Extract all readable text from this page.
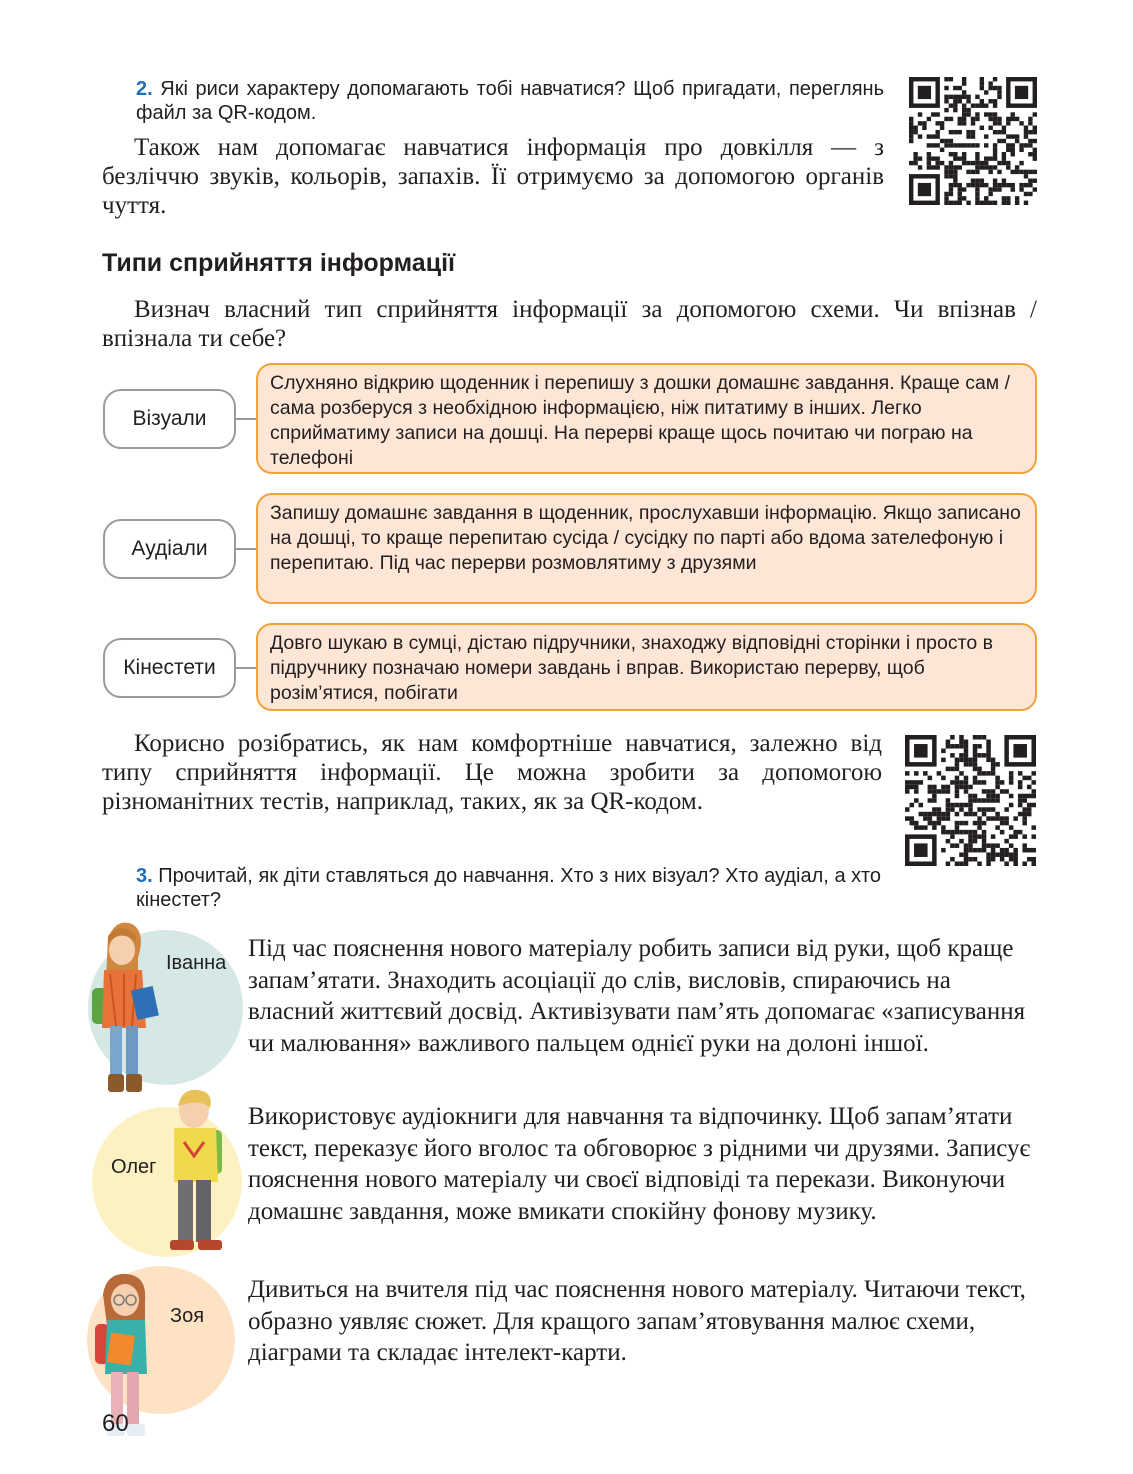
2. Які риси характеру допомагають тобі навчатися? Щоб пригадати, переглянь файл за QR-кодом.
Також нам допомагає навчатися інформація про довкілля — з безліччю звуків, кольорів, запахів. Її отримуємо за допомогою органів чуття.
Типи сприйняття інформації
Визнач власний тип сприйняття інформації за допомогою схеми. Чи впізнав / впізнала ти себе?
Візуали
Слухняно відкрию щоденник і перепишу з дошки домашнє завдання. Краще сам / сама розберуся з необхідною інформацією, ніж питатиму в інших. Легко сприйматиму записи на дошці. На перерві краще щось почитаю чи пограю на телефоні
Аудіали
Запишу домашнє завдання в щоденник, прослухавши інформацію. Якщо записано на дошці, то краще перепитаю сусіда / сусідку по парті або вдома зателефоную і перепитаю. Під час перерви розмовлятиму з друзями
Кінестети
Довго шукаю в сумці, дістаю підручники, знаходжу відповідні сторінки і просто в підручнику позначаю номери завдань і вправ. Використаю перерву, щоб розім’ятися, побігати
Корисно розібратись, як нам комфортніше навчатися, залежно від типу сприйняття інформації. Це можна зробити за допомогою різноманітних тестів, наприклад, таких, як за QR-кодом.
3. Прочитай, як діти ставляться до навчання. Хто з них візуал? Хто аудіал, а хто кінестет?
Іванна
Під час пояснення нового матеріалу робить записи від руки, щоб краще запам’ятати. Знаходить асоціації до слів, висловів, спираючись на власний життєвий досвід. Активізувати пам’ять допомагає «записування чи малювання» важливого пальцем однієї руки на долоні іншої.
Олег
Використовує аудіокниги для навчання та відпочинку. Щоб запам’ятати текст, переказує його вголос та обговорює з рідними чи друзями. Записує пояснення нового матеріалу чи своєї відповіді та перекази. Виконуючи домашнє завдання, може вмикати спокійну фонову музику.
Зоя
Дивиться на вчителя під час пояснення нового матеріалу. Читаючи текст, образно уявляє сюжет. Для кращого запам’ятовування малює схеми, діаграми та складає інтелект-карти.
60
